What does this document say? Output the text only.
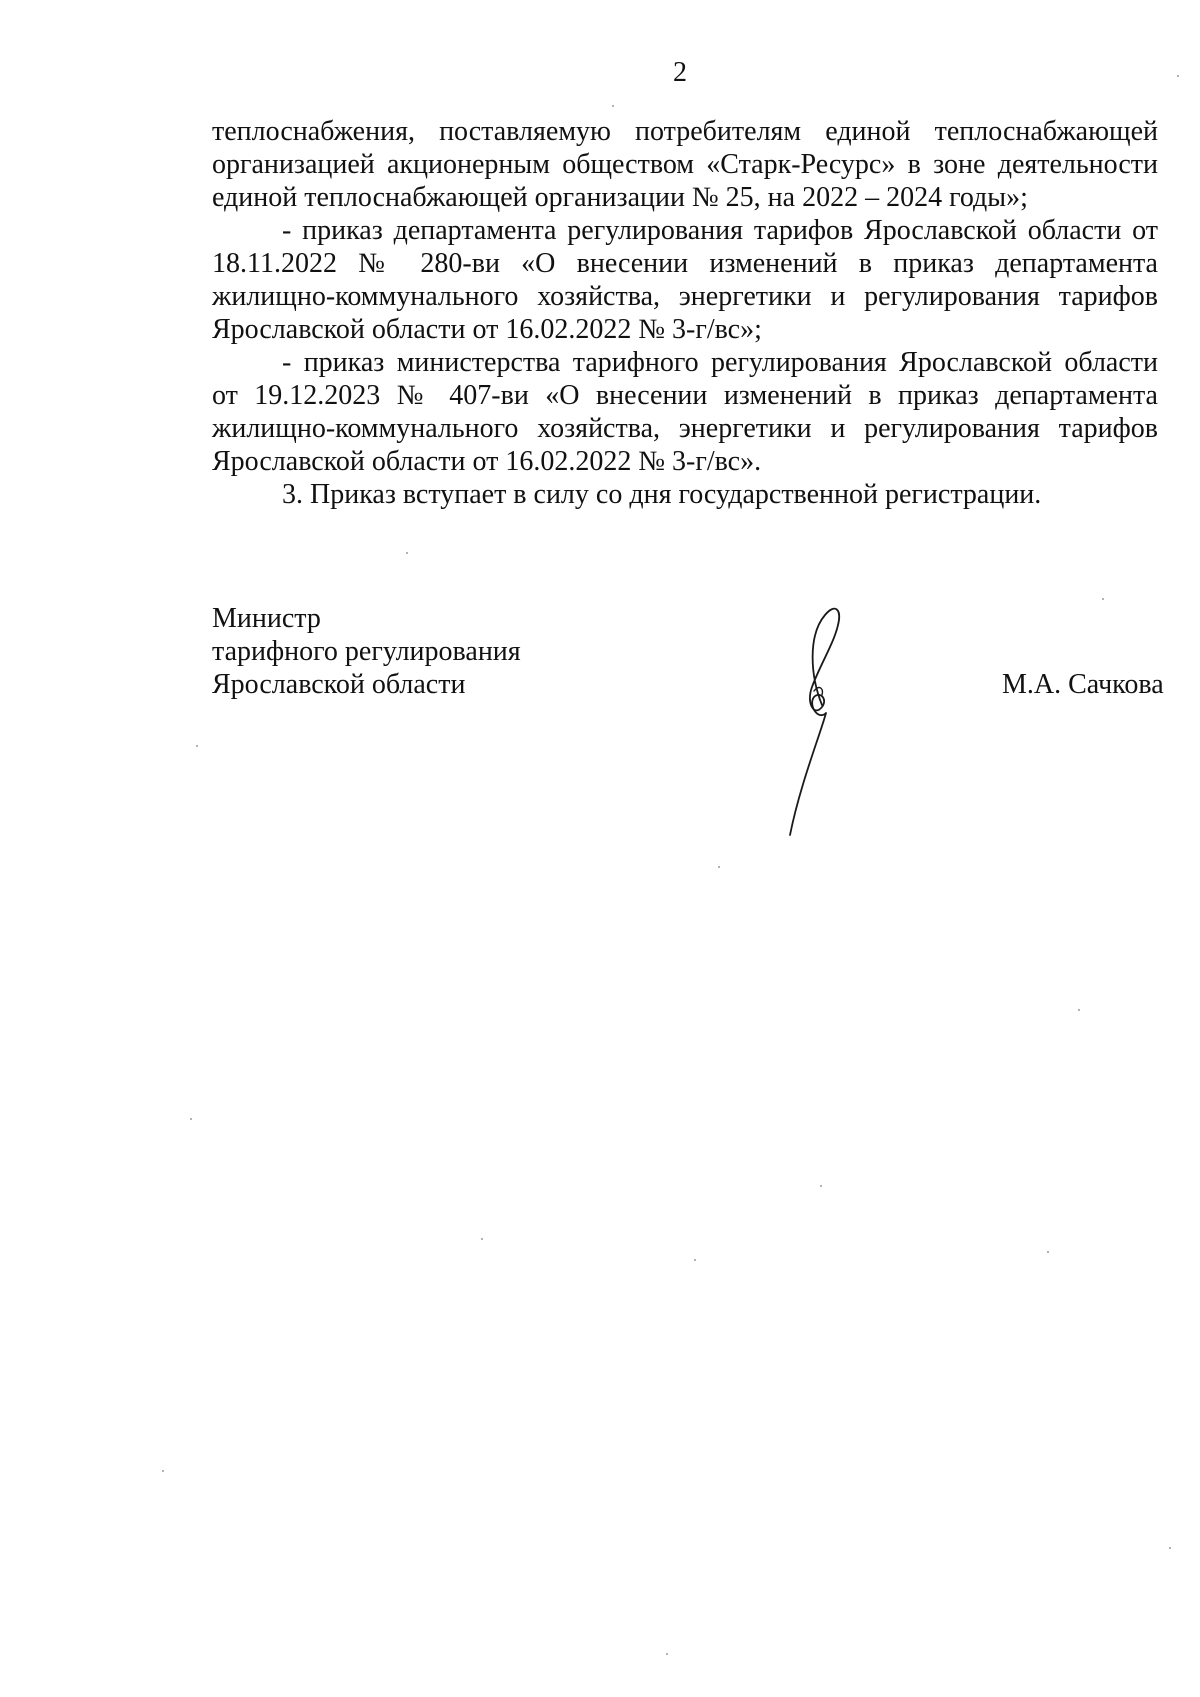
2

теплоснабжения, поставляемую потребителям единой теплоснабжающей организацией акционерным обществом «Старк-Ресурс» в зоне деятельности единой теплоснабжающей организации № 25, на 2022 – 2024 годы»;

- приказ департамента регулирования тарифов Ярославской области от 18.11.2022 № 280-ви «О внесении изменений в приказ департамента жилищно-коммунального хозяйства, энергетики и регулирования тарифов Ярославской области от 16.02.2022 № 3-г/вс»;

- приказ министерства тарифного регулирования Ярославской области от 19.12.2023 № 407-ви «О внесении изменений в приказ департамента жилищно-коммунального хозяйства, энергетики и регулирования тарифов Ярославской области от 16.02.2022 № 3-г/вс».

3. Приказ вступает в силу со дня государственной регистрации.

Министр
тарифного регулирования
Ярославской области	М.А. Сачкова
